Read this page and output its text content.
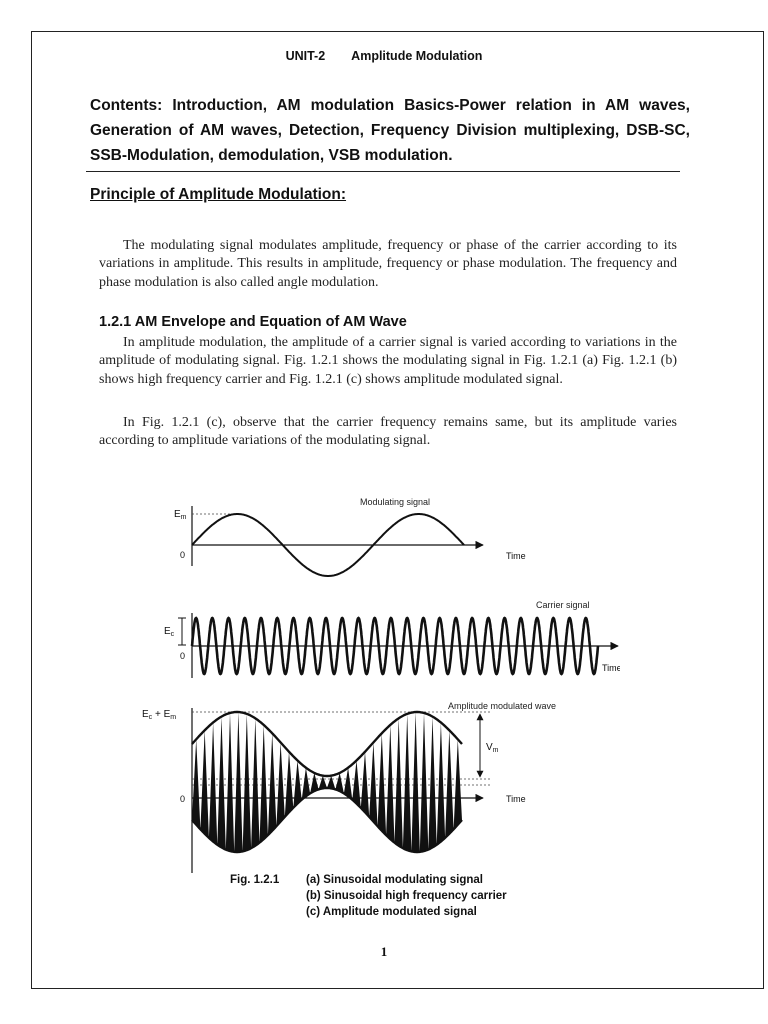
UNIT-2 Amplitude Modulation
Contents: Introduction, AM modulation Basics-Power relation in AM waves, Generation of AM waves, Detection, Frequency Division multiplexing, DSB-SC, SSB-Modulation, demodulation, VSB modulation.
Principle of Amplitude Modulation:
The modulating signal modulates amplitude, frequency or phase of the carrier according to its variations in amplitude. This results in amplitude, frequency or phase modulation. The frequency and phase modulation is also called angle modulation.
1.2.1 AM Envelope and Equation of AM Wave
In amplitude modulation, the amplitude of a carrier signal is varied according to variations in the amplitude of modulating signal. Fig. 1.2.1 shows the modulating signal in Fig. 1.2.1 (a) Fig. 1.2.1 (b) shows high frequency carrier and Fig. 1.2.1 (c) shows amplitude modulated signal.
In Fig. 1.2.1 (c), observe that the carrier frequency remains same, but its amplitude varies according to amplitude variations of the modulating signal.
Modulating signal
$E_m$
0	Time
Carrier signal
$E_c$
0
Time
Amplitude modulated wave
$E_c + E_m$
$V_m$
0	Time
Fig. 1.2.1 (a) Sinusoidal modulating signal
(b) Sinusoidal high frequency carrier
(c) Amplitude modulated signal
1
